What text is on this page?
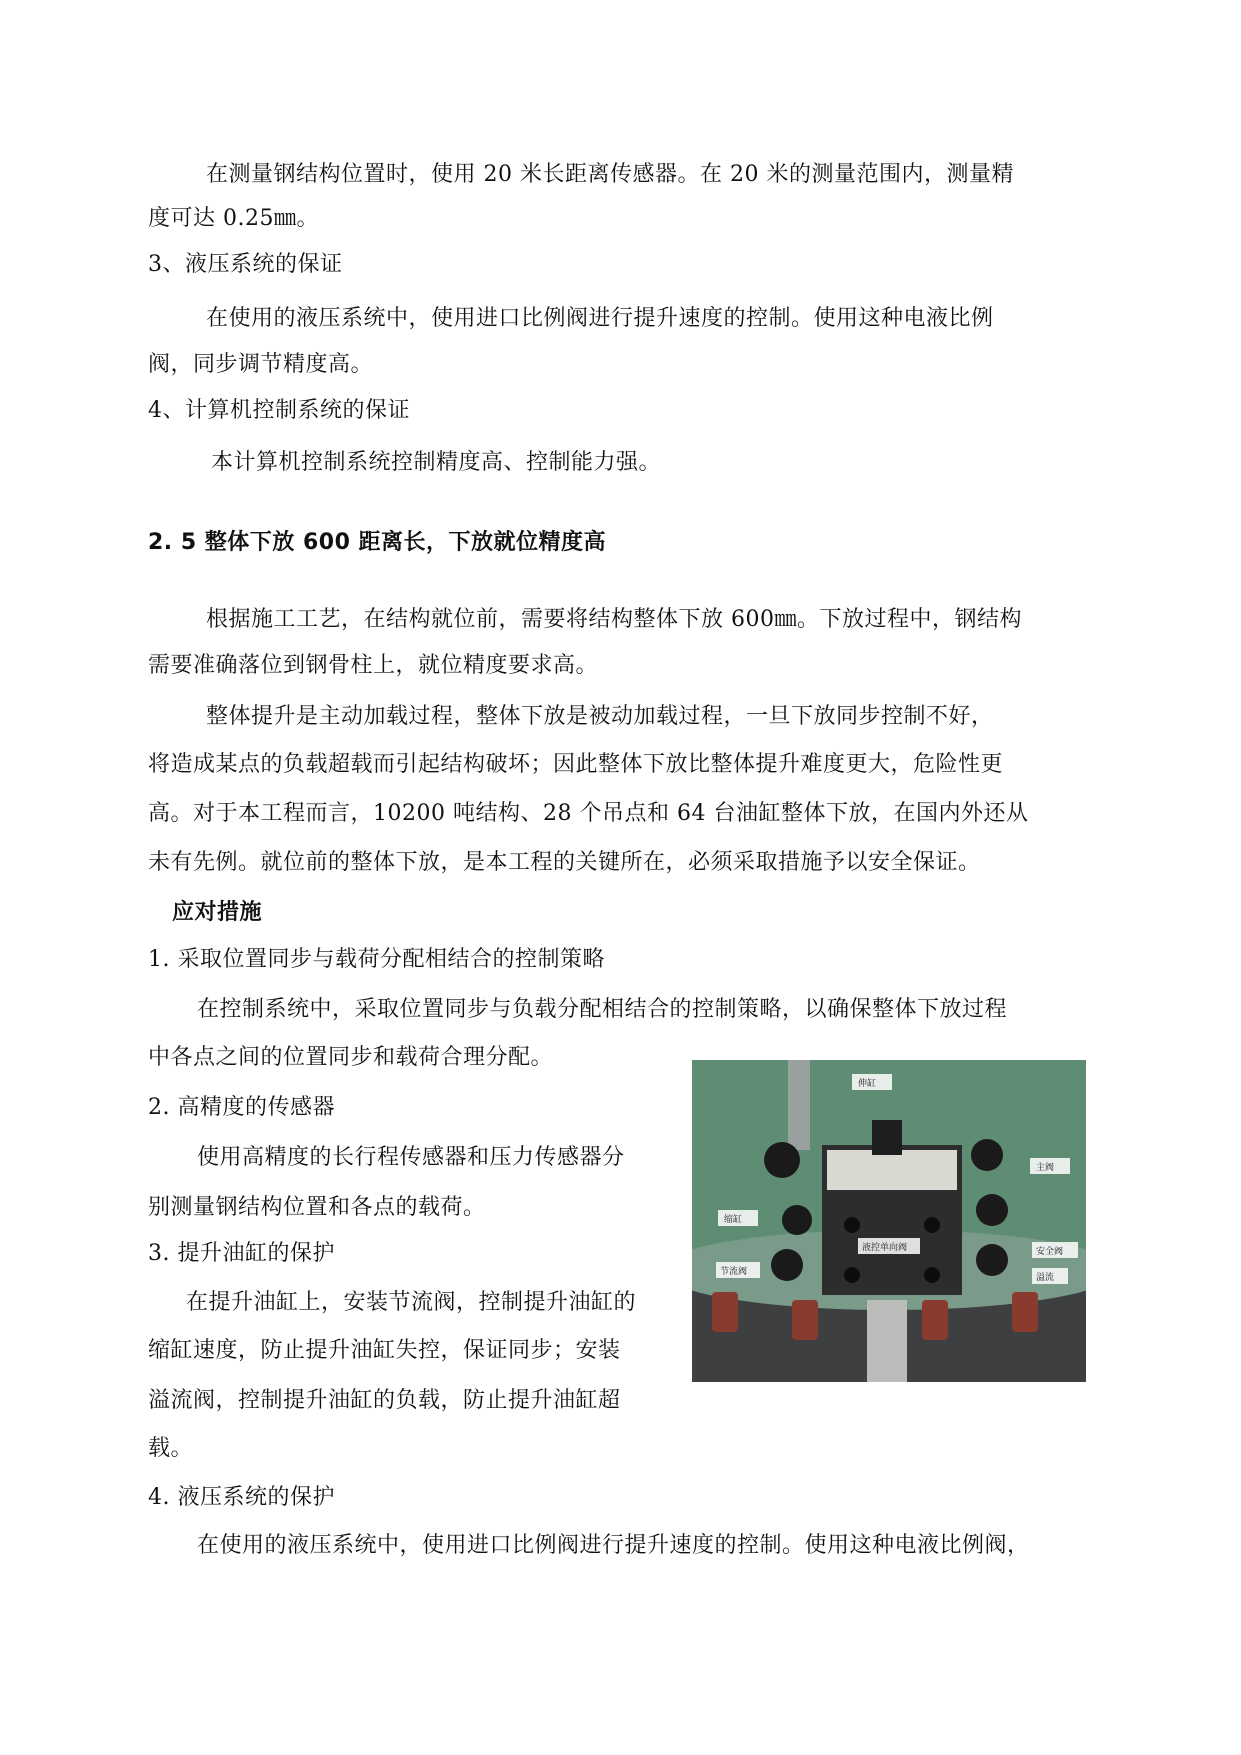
在测量钢结构位置时，使用 20 米长距离传感器。在 20 米的测量范围内，测量精
度可达 0.25㎜。
3、液压系统的保证
在使用的液压系统中，使用进口比例阀进行提升速度的控制。使用这种电液比例
阀，同步调节精度高。
4、计算机控制系统的保证
本计算机控制系统控制精度高、控制能力强。
2. 5 整体下放 600 距离长，下放就位精度高
根据施工工艺，在结构就位前，需要将结构整体下放 600㎜。下放过程中，钢结构
需要准确落位到钢骨柱上，就位精度要求高。
整体提升是主动加载过程，整体下放是被动加载过程，一旦下放同步控制不好，
将造成某点的负载超载而引起结构破坏；因此整体下放比整体提升难度更大，危险性更
高。对于本工程而言，10200 吨结构、28 个吊点和 64 台油缸整体下放，在国内外还从
未有先例。就位前的整体下放，是本工程的关键所在，必须采取措施予以安全保证。
应对措施
1. 采取位置同步与载荷分配相结合的控制策略
在控制系统中，采取位置同步与负载分配相结合的控制策略，以确保整体下放过程
中各点之间的位置同步和载荷合理分配。
2. 高精度的传感器
使用高精度的长行程传感器和压力传感器分
别测量钢结构位置和各点的载荷。
3. 提升油缸的保护
在提升油缸上，安装节流阀，控制提升油缸的
缩缸速度，防止提升油缸失控，保证同步；安装
溢流阀，控制提升油缸的负载，防止提升油缸超
载。
4. 液压系统的保护
在使用的液压系统中，使用进口比例阀进行提升速度的控制。使用这种电液比例阀，
伸缸
主阀
缩缸
节流阀
液控单向阀	安全阀
溢流
